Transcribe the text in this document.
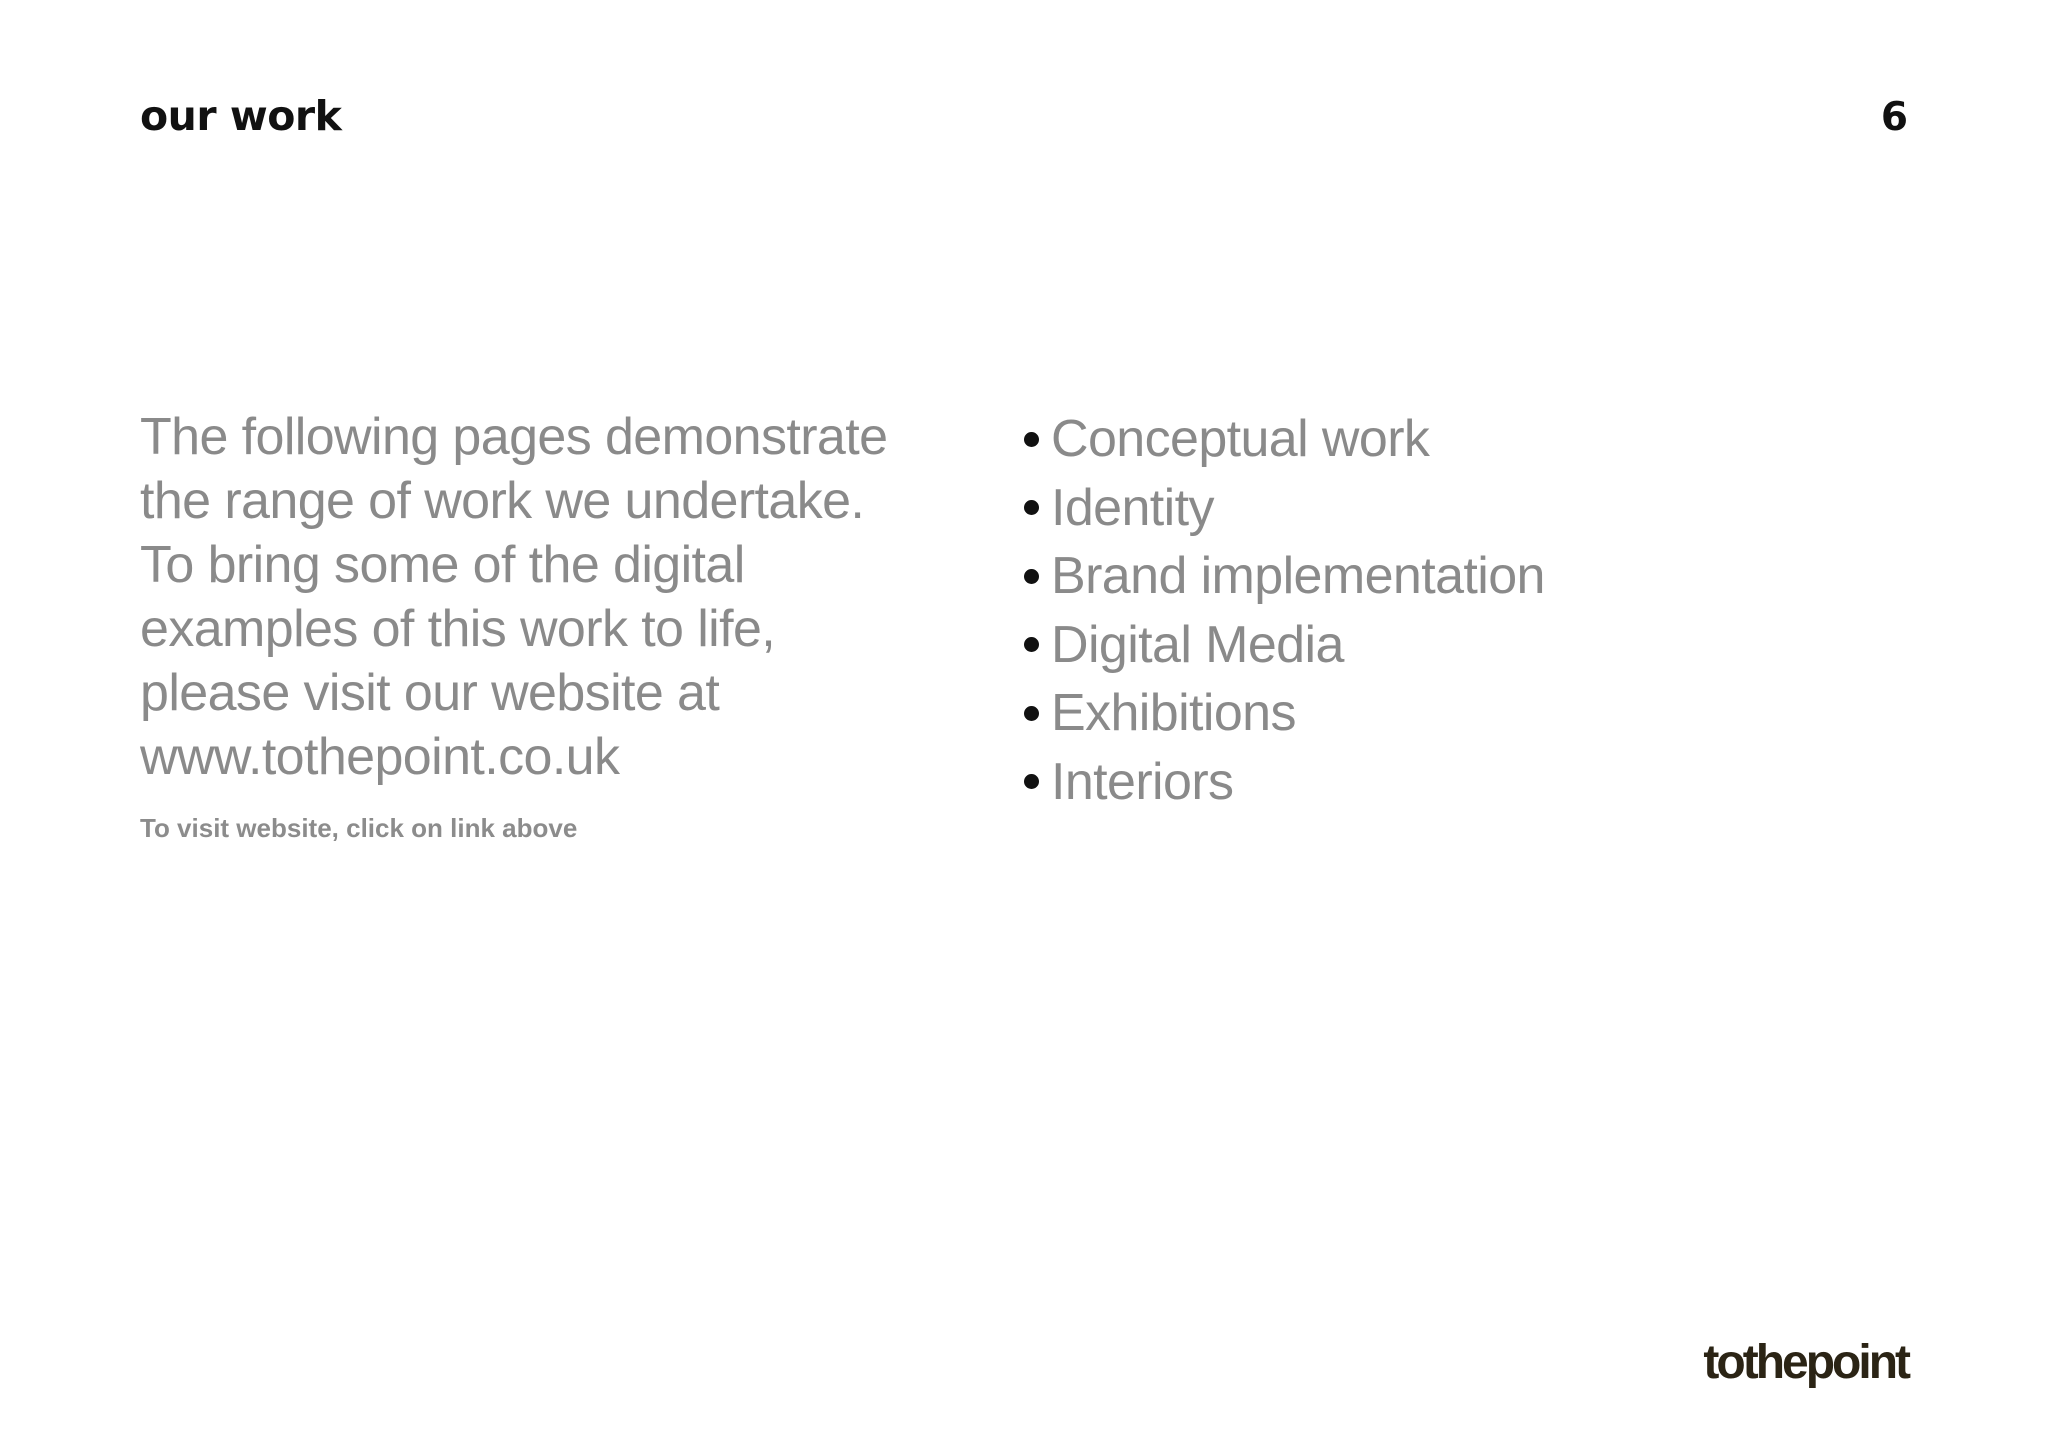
our work	6

The following pages demonstrate
the range of work we undertake.
To bring some of the digital
examples of this work to life,
please visit our website at
www.tothepoint.co.uk

To visit website, click on link above
Conceptual work
Identity
Brand implementation
Digital Media
Exhibitions
Interiors
tothepoint
